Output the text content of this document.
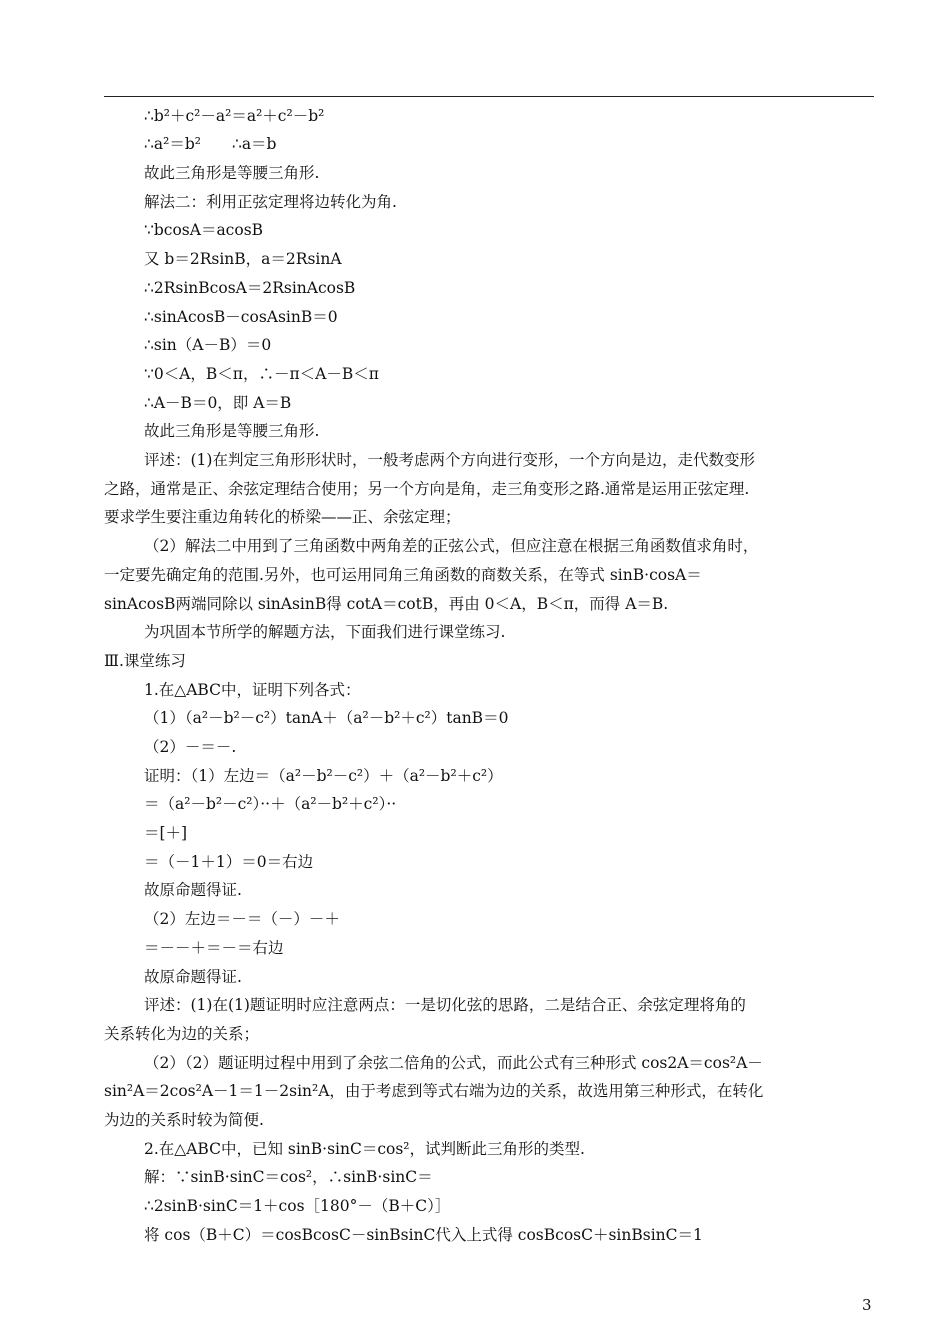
∴b²＋c²－a²＝a²＋c²－b²
∴a²＝b²　　∴a＝b
故此三角形是等腰三角形.
解法二：利用正弦定理将边转化为角.
∵bcosA＝acosB
又 b＝2RsinB，a＝2RsinA
∴2RsinBcosA＝2RsinAcosB
∴sinAcosB－cosAsinB＝0
∴sin（A－B）＝0
∵0＜A，B＜π，∴－π＜A－B＜π
∴A－B＝0，即 A＝B
故此三角形是等腰三角形.
评述：(1)在判定三角形形状时，一般考虑两个方向进行变形，一个方向是边，走代数变形
之路，通常是正、余弦定理结合使用；另一个方向是角，走三角变形之路.通常是运用正弦定理.
要求学生要注重边角转化的桥梁——正、余弦定理；
（2）解法二中用到了三角函数中两角差的正弦公式，但应注意在根据三角函数值求角时，
一定要先确定角的范围.另外，也可运用同角三角函数的商数关系，在等式 sinB·cosA＝
sinAcosB两端同除以 sinAsinB得 cotA＝cotB，再由 0＜A，B＜π，而得 A＝B.
为巩固本节所学的解题方法，下面我们进行课堂练习.
Ⅲ.课堂练习
1.在△ABC中，证明下列各式：
（1）（a²－b²－c²）tanA＋（a²－b²＋c²）tanB＝0
（2）－＝－.
证明：（1）左边＝（a²－b²－c²）＋（a²－b²＋c²）
＝（a²－b²－c²）··＋（a²－b²＋c²）··
＝[＋]
＝（－1＋1）＝0＝右边
故原命题得证.
（2）左边＝－＝（－）－＋
＝－－＋＝－＝右边
故原命题得证.
评述：(1)在(1)题证明时应注意两点：一是切化弦的思路，二是结合正、余弦定理将角的
关系转化为边的关系；
（2）（2）题证明过程中用到了余弦二倍角的公式，而此公式有三种形式 cos2A＝cos²A－
sin²A＝2cos²A－1＝1－2sin²A，由于考虑到等式右端为边的关系，故选用第三种形式，在转化
为边的关系时较为简便.
2.在△ABC中，已知 sinB·sinC＝cos²，试判断此三角形的类型.
解：∵sinB·sinC＝cos²，∴sinB·sinC＝
∴2sinB·sinC＝1＋cos［180°－（B＋C）］
将 cos（B＋C）＝cosBcosC－sinBsinC代入上式得 cosBcosC＋sinBsinC＝1
3
